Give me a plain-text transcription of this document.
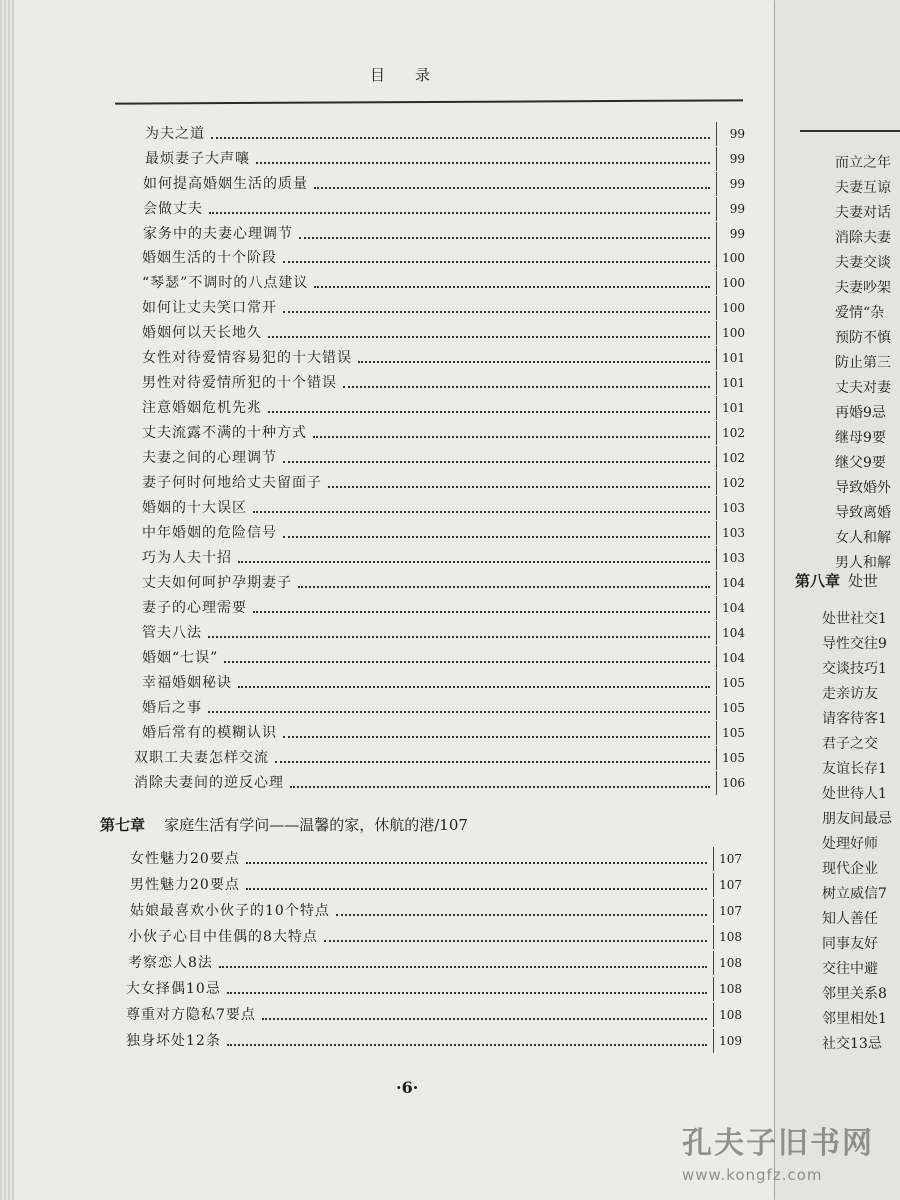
目录
为夫之道	99
最烦妻子大声嚷	99
如何提高婚姻生活的质量	99
会做丈夫	99
家务中的夫妻心理调节	99
婚姻生活的十个阶段	100
“琴瑟”不调时的八点建议	100
如何让丈夫笑口常开	100
婚姻何以天长地久	100
女性对待爱情容易犯的十大错误	101
男性对待爱情所犯的十个错误	101
注意婚姻危机先兆	101
丈夫流露不满的十种方式	102
夫妻之间的心理调节	102
妻子何时何地给丈夫留面子	102
婚姻的十大误区	103
中年婚姻的危险信号	103
巧为人夫十招	103
丈夫如何呵护孕期妻子	104
妻子的心理需要	104
管夫八法	104
婚姻“七误”	104
幸福婚姻秘诀	105
婚后之事	105
婚后常有的模糊认识	105
双职工夫妻怎样交流	105
消除夫妻间的逆反心理	106
第七章 家庭生活有学问——温馨的家，休航的港/107
女性魅力20要点	107
男性魅力20要点	107
姑娘最喜欢小伙子的10个特点	107
小伙子心目中佳偶的8大特点	108
考察恋人8法	108
大女择偶10忌	108
尊重对方隐私7要点	108
独身坏处12条	109
·6·
而立之年
夫妻互谅
夫妻对话
消除夫妻
夫妻交谈
夫妻吵架
爱情“杂
预防不慎
防止第三
丈夫对妻
再婚9忌
继母9要
继父9要
导致婚外
导致离婚
女人和解
男人和解
第八章 处世
处世社交1
导性交往9
交谈技巧1
走亲访友
请客待客1
君子之交
友谊长存1
处世待人1
朋友间最忌
处理好师
现代企业
树立威信7
知人善任
同事友好
交往中避
邻里关系8
邻里相处1
社交13忌
孔夫子旧书网
www.kongfz.com
